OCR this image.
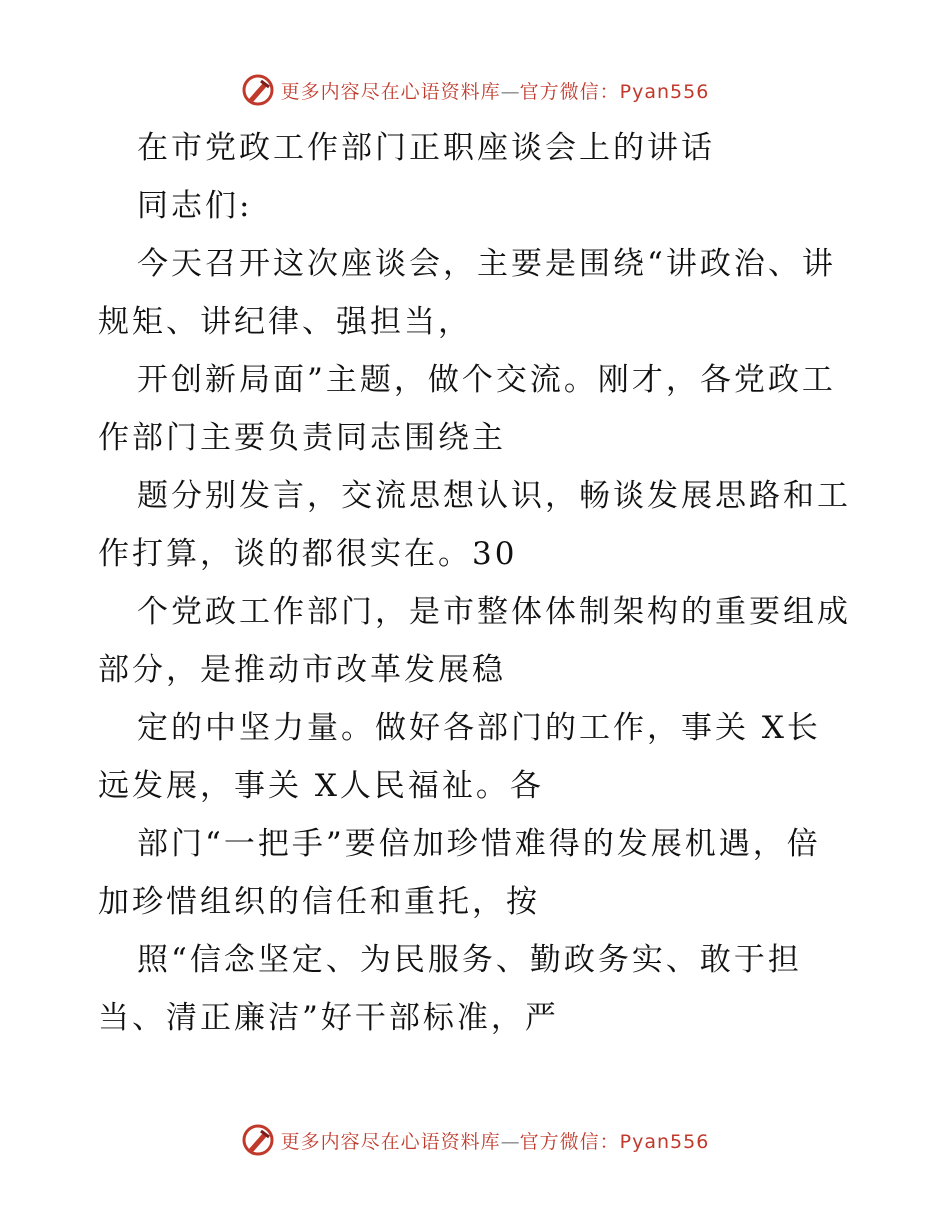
更多内容尽在心语资料库—官方微信：Pyan556
在市党政工作部门正职座谈会上的讲话
同志们:
今天召开这次座谈会，主要是围绕“讲政治、讲
规矩、讲纪律、强担当，
开创新局面”主题，做个交流。刚才，各党政工
作部门主要负责同志围绕主
题分别发言，交流思想认识，畅谈发展思路和工
作打算，谈的都很实在。30
个党政工作部门，是市整体体制架构的重要组成
部分，是推动市改革发展稳
定的中坚力量。做好各部门的工作，事关 X长
远发展，事关 X人民福祉。各
部门“一把手”要倍加珍惜难得的发展机遇，倍
加珍惜组织的信任和重托，按
照“信念坚定、为民服务、勤政务实、敢于担
当、清正廉洁”好干部标准，严
更多内容尽在心语资料库—官方微信：Pyan556
